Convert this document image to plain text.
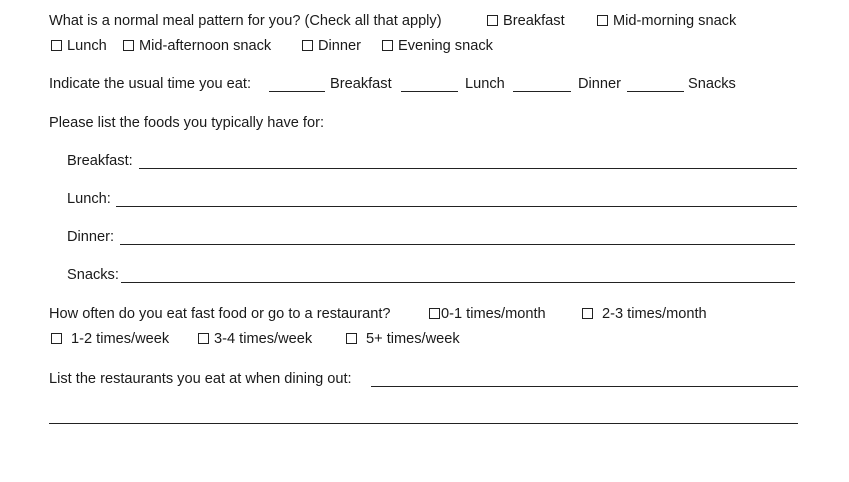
What is a normal meal pattern for you? (Check all that apply)	Breakfast	Mid-morning snack
Lunch	Mid-afternoon snack	Dinner	Evening snack
Indicate the usual time you eat:	Breakfast	Lunch	Dinner	Snacks
Please list the foods you typically have for:
Breakfast:
Lunch:
Dinner:
Snacks:
How often do you eat fast food or go to a restaurant?	0-1 times/month	2-3 times/month
1-2 times/week	3-4 times/week	5+ times/week
List the restaurants you eat at when dining out:
